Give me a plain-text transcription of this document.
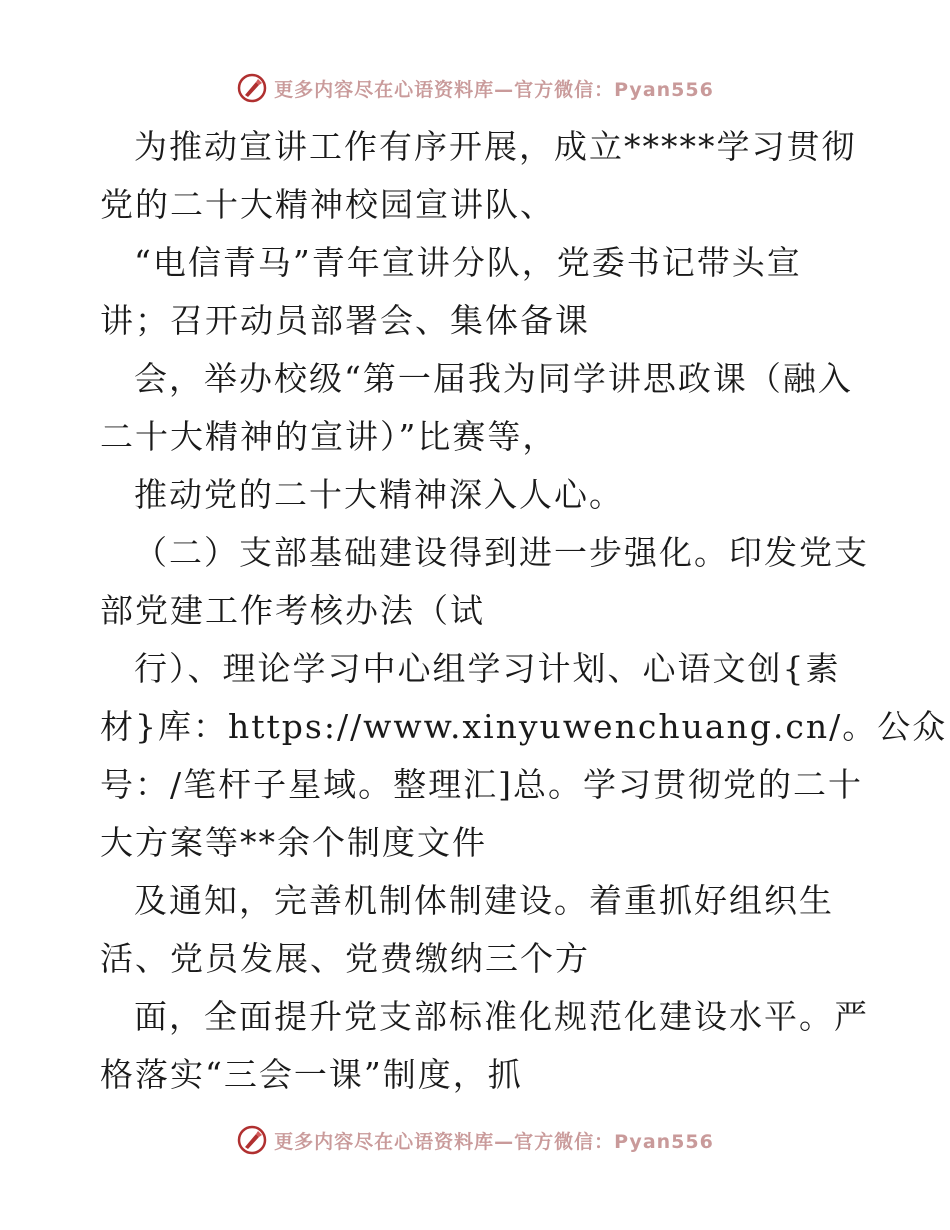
更多内容尽在心语资料库—官方微信：Pyan556
为推动宣讲工作有序开展，成立*****学习贯彻
党的二十大精神校园宣讲队、
“电信青马”青年宣讲分队，党委书记带头宣
讲；召开动员部署会、集体备课
会，举办校级“第一届我为同学讲思政课（融入
二十大精神的宣讲）”比赛等，
推动党的二十大精神深入人心。
（二）支部基础建设得到进一步强化。印发党支
部党建工作考核办法（试
行）、理论学习中心组学习计划、心语文创{素
材}库：https://www.xinyuwenchuang.cn/。公众
号：/笔杆子星域。整理汇]总。学习贯彻党的二十
大方案等**余个制度文件
及通知，完善机制体制建设。着重抓好组织生
活、党员发展、党费缴纳三个方
面，全面提升党支部标准化规范化建设水平。严
格落实“三会一课”制度，抓
更多内容尽在心语资料库—官方微信：Pyan556
